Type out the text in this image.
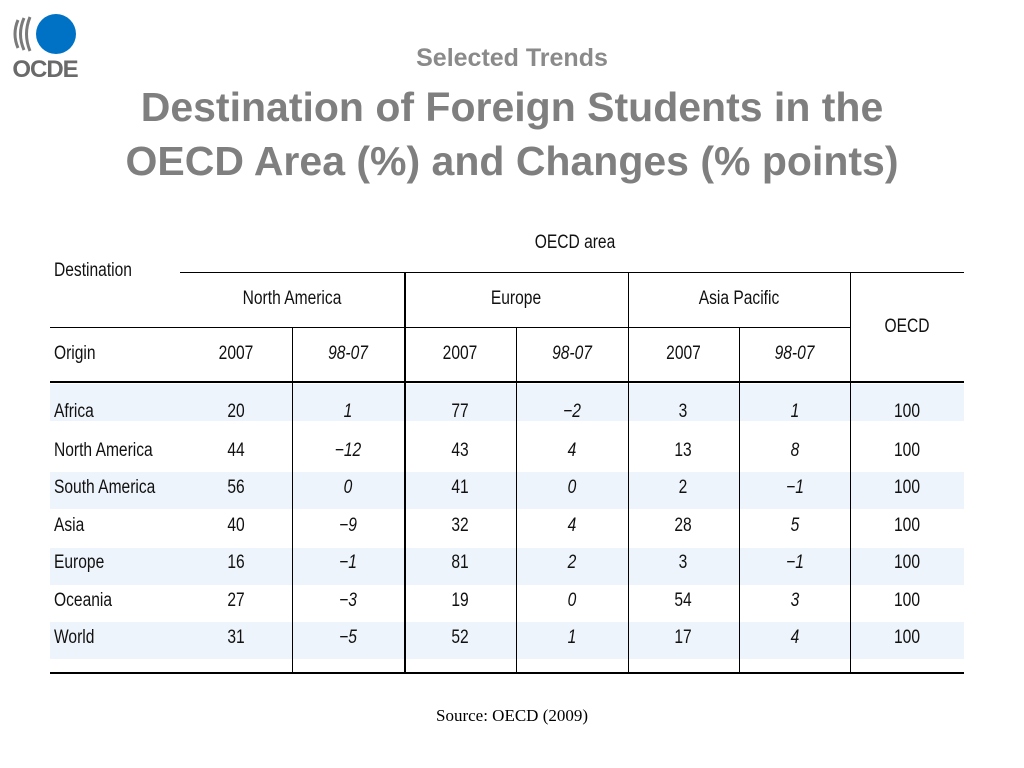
OCDE	Selected Trends
Destination of Foreign Students in the
OECD Area (%) and Changes (% points)
OECD area
Destination
North America	Europe	Asia Pacific
OECD
Origin	2007	98-07	2007	98-07	2007	98-07
Africa	20	1	77	−2	3	1	100
North America	44	−12	43	4	13	8	100
South America	56	0	41	0	2	−1	100
Asia	40	−9	32	4	28	5	100
Europe	16	−1	81	2	3	−1	100
Oceania	27	−3	19	0	54	3	100
World	31	−5	52	1	17	4	100
Source: OECD (2009)
